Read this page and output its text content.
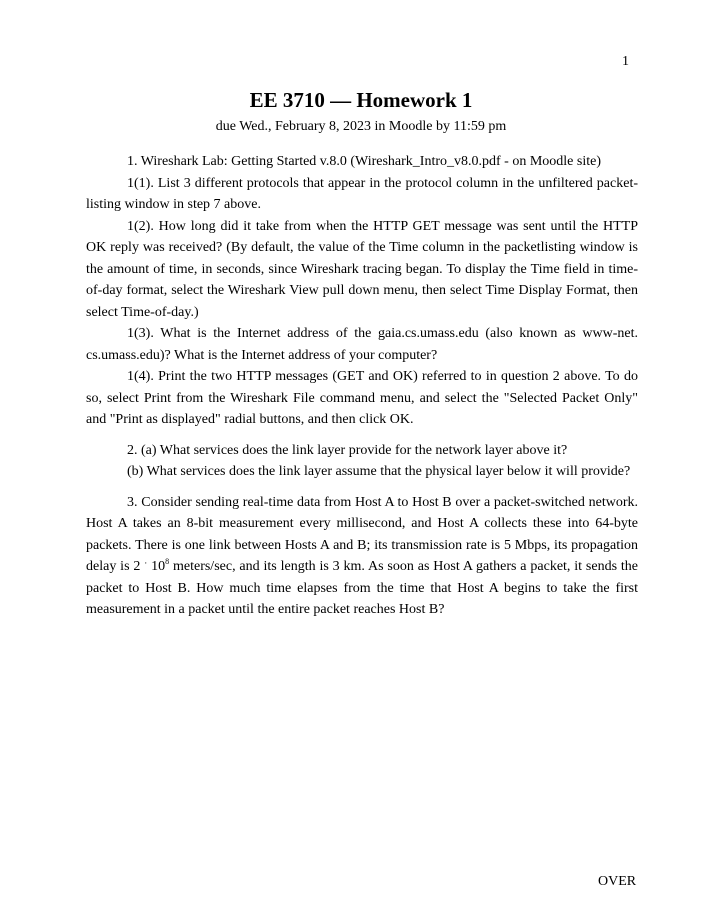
1
EE 3710 — Homework 1
due Wed., February 8, 2023 in Moodle by 11:59 pm

1. Wireshark Lab: Getting Started v.8.0 (Wireshark_Intro_v8.0.pdf - on Moodle site)

1(1). List 3 different protocols that appear in the protocol column in the unfiltered packet-listing window in step 7 above.

1(2). How long did it take from when the HTTP GET message was sent until the HTTP OK reply was received? (By default, the value of the Time column in the packetlisting window is the amount of time, in seconds, since Wireshark tracing began. To display the Time field in time-of-day format, select the Wireshark View pull down menu, then select Time Display Format, then select Time-of-day.)

1(3). What is the Internet address of the gaia.cs.umass.edu (also known as www-net. cs.umass.edu)? What is the Internet address of your computer?

1(4). Print the two HTTP messages (GET and OK) referred to in question 2 above. To do so, select Print from the Wireshark File command menu, and select the "Selected Packet Only" and "Print as displayed" radial buttons, and then click OK.

2. (a) What services does the link layer provide for the network layer above it?

(b) What services does the link layer assume that the physical layer below it will provide?

3. Consider sending real-time data from Host A to Host B over a packet-switched network. Host A takes an 8-bit measurement every millisecond, and Host A collects these into 64-byte packets. There is one link between Hosts A and B; its transmission rate is 5 Mbps, its propagation delay is 2 · $10^8$ meters/sec, and its length is 3 km. As soon as Host A gathers a packet, it sends the packet to Host B. How much time elapses from the time that Host A begins to take the first measurement in a packet until the entire packet reaches Host B?

OVER
